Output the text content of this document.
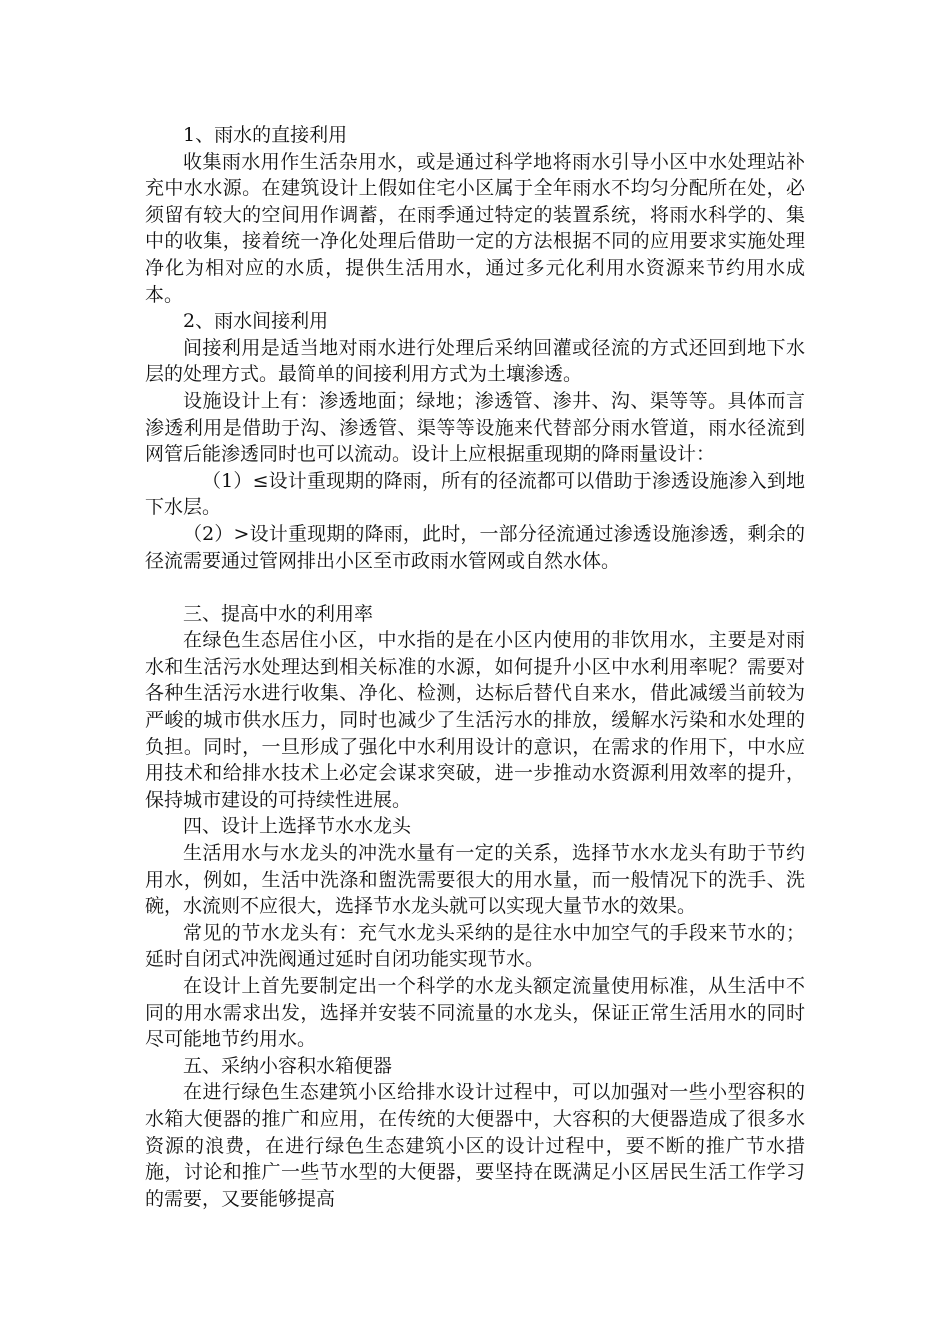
1、雨水的直接利用

收集雨水用作生活杂用水，或是通过科学地将雨水引导小区中水处理站补充中水水源。在建筑设计上假如住宅小区属于全年雨水不均匀分配所在处，必须留有较大的空间用作调蓄，在雨季通过特定的装置系统，将雨水科学的、集中的收集，接着统一净化处理后借助一定的方法根据不同的应用要求实施处理净化为相对应的水质，提供生活用水，通过多元化利用水资源来节约用水成本。

2、雨水间接利用

间接利用是适当地对雨水进行处理后采纳回灌或径流的方式还回到地下水层的处理方式。最简单的间接利用方式为土壤渗透。

设施设计上有：渗透地面；绿地；渗透管、渗井、沟、渠等等。具体而言渗透利用是借助于沟、渗透管、渠等等设施来代替部分雨水管道，雨水径流到网管后能渗透同时也可以流动。设计上应根据重现期的降雨量设计：

（1）≤设计重现期的降雨，所有的径流都可以借助于渗透设施渗入到地下水层。

（2）>设计重现期的降雨，此时，一部分径流通过渗透设施渗透，剩余的径流需要通过管网排出小区至市政雨水管网或自然水体。

三、提高中水的利用率

在绿色生态居住小区，中水指的是在小区内使用的非饮用水，主要是对雨水和生活污水处理达到相关标准的水源，如何提升小区中水利用率呢？需要对各种生活污水进行收集、净化、检测，达标后替代自来水，借此减缓当前较为严峻的城市供水压力，同时也减少了生活污水的排放，缓解水污染和水处理的负担。同时，一旦形成了强化中水利用设计的意识，在需求的作用下，中水应用技术和给排水技术上必定会谋求突破，进一步推动水资源利用效率的提升，保持城市建设的可持续性进展。

四、设计上选择节水水龙头

生活用水与水龙头的冲洗水量有一定的关系，选择节水水龙头有助于节约用水，例如，生活中洗涤和盥洗需要很大的用水量，而一般情况下的洗手、洗碗，水流则不应很大，选择节水龙头就可以实现大量节水的效果。

常见的节水龙头有：充气水龙头采纳的是往水中加空气的手段来节水的；延时自闭式冲洗阀通过延时自闭功能实现节水。

在设计上首先要制定出一个科学的水龙头额定流量使用标准，从生活中不同的用水需求出发，选择并安装不同流量的水龙头，保证正常生活用水的同时尽可能地节约用水。

五、采纳小容积水箱便器

在进行绿色生态建筑小区给排水设计过程中，可以加强对一些小型容积的水箱大便器的推广和应用，在传统的大便器中，大容积的大便器造成了很多水资源的浪费，在进行绿色生态建筑小区的设计过程中，要不断的推广节水措施，讨论和推广一些节水型的大便器，要坚持在既满足小区居民生活工作学习的需要，又要能够提高
